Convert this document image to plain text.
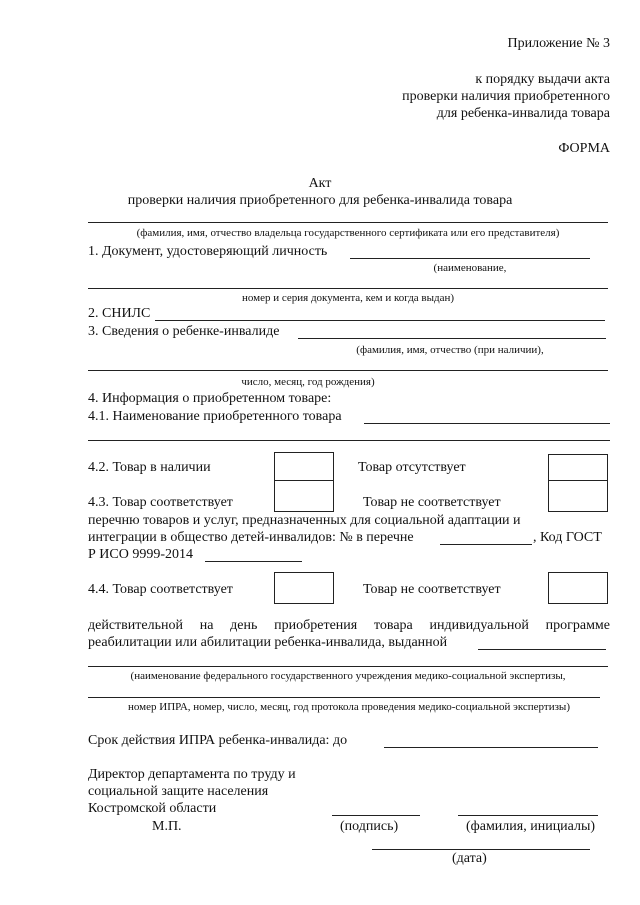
Приложение № 3
к порядку выдачи акта
проверки наличия приобретенного
для ребенка-инвалида товара
ФОРМА
Акт
проверки наличия приобретенного для ребенка-инвалида товара
(фамилия, имя, отчество владельца государственного сертификата или его представителя)
1. Документ, удостоверяющий личность
(наименование,
номер и серия документа, кем и когда выдан)
2. СНИЛС
3. Сведения о ребенке-инвалиде
(фамилия, имя, отчество (при наличии),
число, месяц, год рождения)
4. Информация о приобретенном товаре:
4.1. Наименование приобретенного товара
4.2. Товар в наличии	Товар отсутствует
4.3. Товар соответствует	Товар не соответствует
перечню товаров и услуг, предназначенных для социальной адаптации и
интеграции в общество детей-инвалидов: № в перечне	, Код ГОСТ
Р ИСО 9999-2014
4.4. Товар соответствует	Товар не соответствует
действительной на день приобретения товара индивидуальной программе
реабилитации или абилитации ребенка-инвалида, выданной
(наименование федерального государственного учреждения медико-социальной экспертизы,
номер ИПРА, номер, число, месяц, год протокола проведения медико-социальной экспертизы)
Срок действия ИПРА ребенка-инвалида: до
Директор департамента по труду и
социальной защите населения
Костромской области
М.П.	(подпись)	(фамилия, инициалы)
(дата)
